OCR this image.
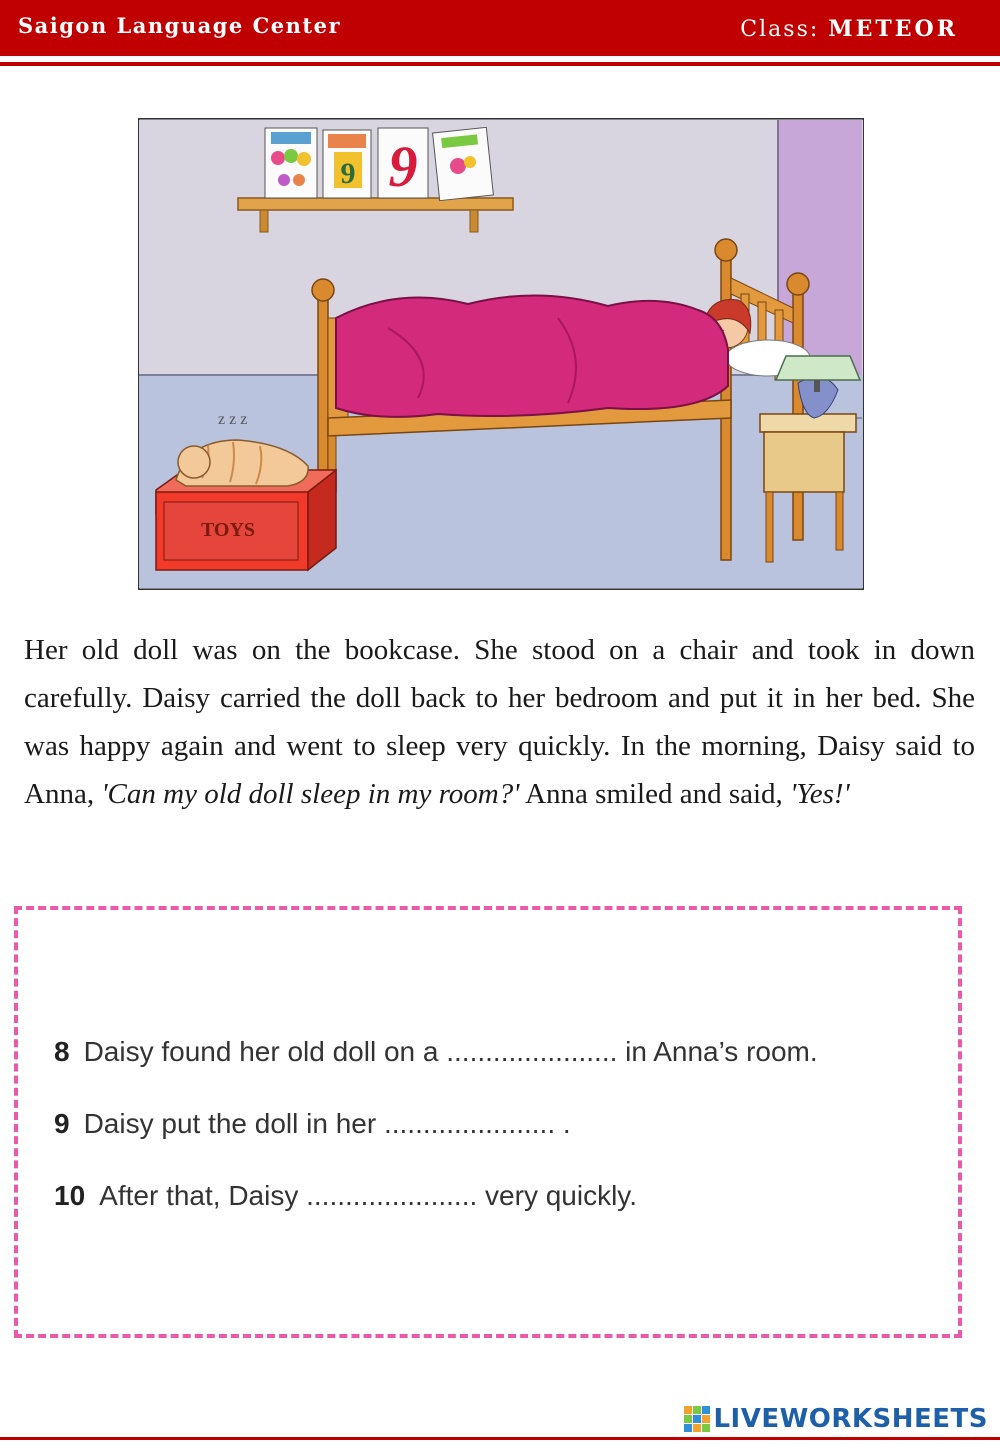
Saigon Language Center	Class: METEOR
9 9
TOYS
z z z
Her old doll was on the bookcase. She stood on a chair and took in down carefully. Daisy carried the doll back to her bedroom and put it in her bed. She was happy again and went to sleep very quickly. In the morning, Daisy said to Anna, 'Can my old doll sleep in my room?' Anna smiled and said, 'Yes!'
8 Daisy found her old doll on a ...................... in Anna’s room.
9 Daisy put the doll in her ...................... .
10 After that, Daisy ...................... very quickly.
LIVEWORKSHEETS
